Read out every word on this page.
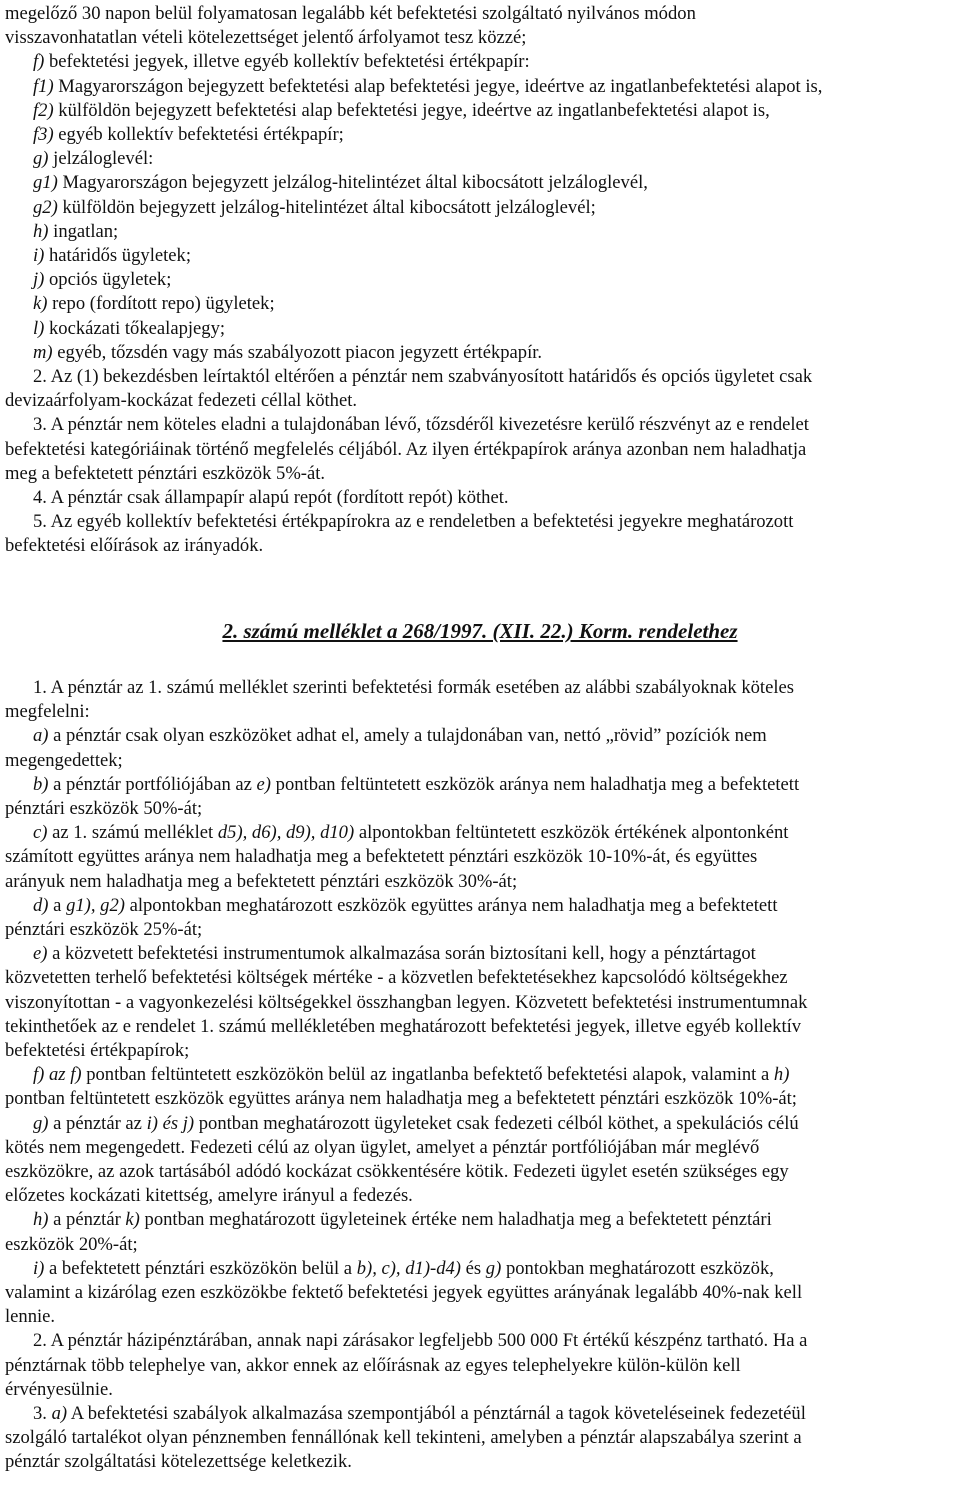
megelőző 30 napon belül folyamatosan legalább két befektetési szolgáltató nyilvános módon
visszavonhatatlan vételi kötelezettséget jelentő árfolyamot tesz közzé;
f) befektetési jegyek, illetve egyéb kollektív befektetési értékpapír:
f1) Magyarországon bejegyzett befektetési alap befektetési jegye, ideértve az ingatlanbefektetési alapot is,
f2) külföldön bejegyzett befektetési alap befektetési jegye, ideértve az ingatlanbefektetési alapot is,
f3) egyéb kollektív befektetési értékpapír;
g) jelzáloglevél:
g1) Magyarországon bejegyzett jelzálog-hitelintézet által kibocsátott jelzáloglevél,
g2) külföldön bejegyzett jelzálog-hitelintézet által kibocsátott jelzáloglevél;
h) ingatlan;
i) határidős ügyletek;
j) opciós ügyletek;
k) repo (fordított repo) ügyletek;
l) kockázati tőkealapjegy;
m) egyéb, tőzsdén vagy más szabályozott piacon jegyzett értékpapír.
2. Az (1) bekezdésben leírtaktól eltérően a pénztár nem szabványosított határidős és opciós ügyletet csak
devizaárfolyam-kockázat fedezeti céllal köthet.
3. A pénztár nem köteles eladni a tulajdonában lévő, tőzsdéről kivezetésre kerülő részvényt az e rendelet
befektetési kategóriáinak történő megfelelés céljából. Az ilyen értékpapírok aránya azonban nem haladhatja
meg a befektetett pénztári eszközök 5%-át.
4. A pénztár csak állampapír alapú repót (fordított repót) köthet.
5. Az egyéb kollektív befektetési értékpapírokra az e rendeletben a befektetési jegyekre meghatározott
befektetési előírások az irányadók.
2. számú melléklet a 268/1997. (XII. 22.) Korm. rendelethez
1. A pénztár az 1. számú melléklet szerinti befektetési formák esetében az alábbi szabályoknak köteles
megfelelni:
a) a pénztár csak olyan eszközöket adhat el, amely a tulajdonában van, nettó „rövid” pozíciók nem
megengedettek;
b) a pénztár portfóliójában az e) pontban feltüntetett eszközök aránya nem haladhatja meg a befektetett
pénztári eszközök 50%-át;
c) az 1. számú melléklet d5), d6), d9), d10) alpontokban feltüntetett eszközök értékének alpontonként
számított együttes aránya nem haladhatja meg a befektetett pénztári eszközök 10-10%-át, és együttes
arányuk nem haladhatja meg a befektetett pénztári eszközök 30%-át;
d) a g1), g2) alpontokban meghatározott eszközök együttes aránya nem haladhatja meg a befektetett
pénztári eszközök 25%-át;
e) a közvetett befektetési instrumentumok alkalmazása során biztosítani kell, hogy a pénztártagot
közvetetten terhelő befektetési költségek mértéke - a közvetlen befektetésekhez kapcsolódó költségekhez
viszonyítottan - a vagyonkezelési költségekkel összhangban legyen. Közvetett befektetési instrumentumnak
tekinthetőek az e rendelet 1. számú mellékletében meghatározott befektetési jegyek, illetve egyéb kollektív
befektetési értékpapírok;
f) az f) pontban feltüntetett eszközökön belül az ingatlanba befektető befektetési alapok, valamint a h)
pontban feltüntetett eszközök együttes aránya nem haladhatja meg a befektetett pénztári eszközök 10%-át;
g) a pénztár az i) és j) pontban meghatározott ügyleteket csak fedezeti célból köthet, a spekulációs célú
kötés nem megengedett. Fedezeti célú az olyan ügylet, amelyet a pénztár portfóliójában már meglévő
eszközökre, az azok tartásából adódó kockázat csökkentésére kötik. Fedezeti ügylet esetén szükséges egy
előzetes kockázati kitettség, amelyre irányul a fedezés.
h) a pénztár k) pontban meghatározott ügyleteinek értéke nem haladhatja meg a befektetett pénztári
eszközök 20%-át;
i) a befektetett pénztári eszközökön belül a b), c), d1)-d4) és g) pontokban meghatározott eszközök,
valamint a kizárólag ezen eszközökbe fektető befektetési jegyek együttes arányának legalább 40%-nak kell
lennie.
2. A pénztár házipénztárában, annak napi zárásakor legfeljebb 500 000 Ft értékű készpénz tartható. Ha a
pénztárnak több telephelye van, akkor ennek az előírásnak az egyes telephelyekre külön-külön kell
érvényesülnie.
3. a) A befektetési szabályok alkalmazása szempontjából a pénztárnál a tagok követeléseinek fedezetéül
szolgáló tartalékot olyan pénznemben fennállónak kell tekinteni, amelyben a pénztár alapszabálya szerint a
pénztár szolgáltatási kötelezettsége keletkezik.
